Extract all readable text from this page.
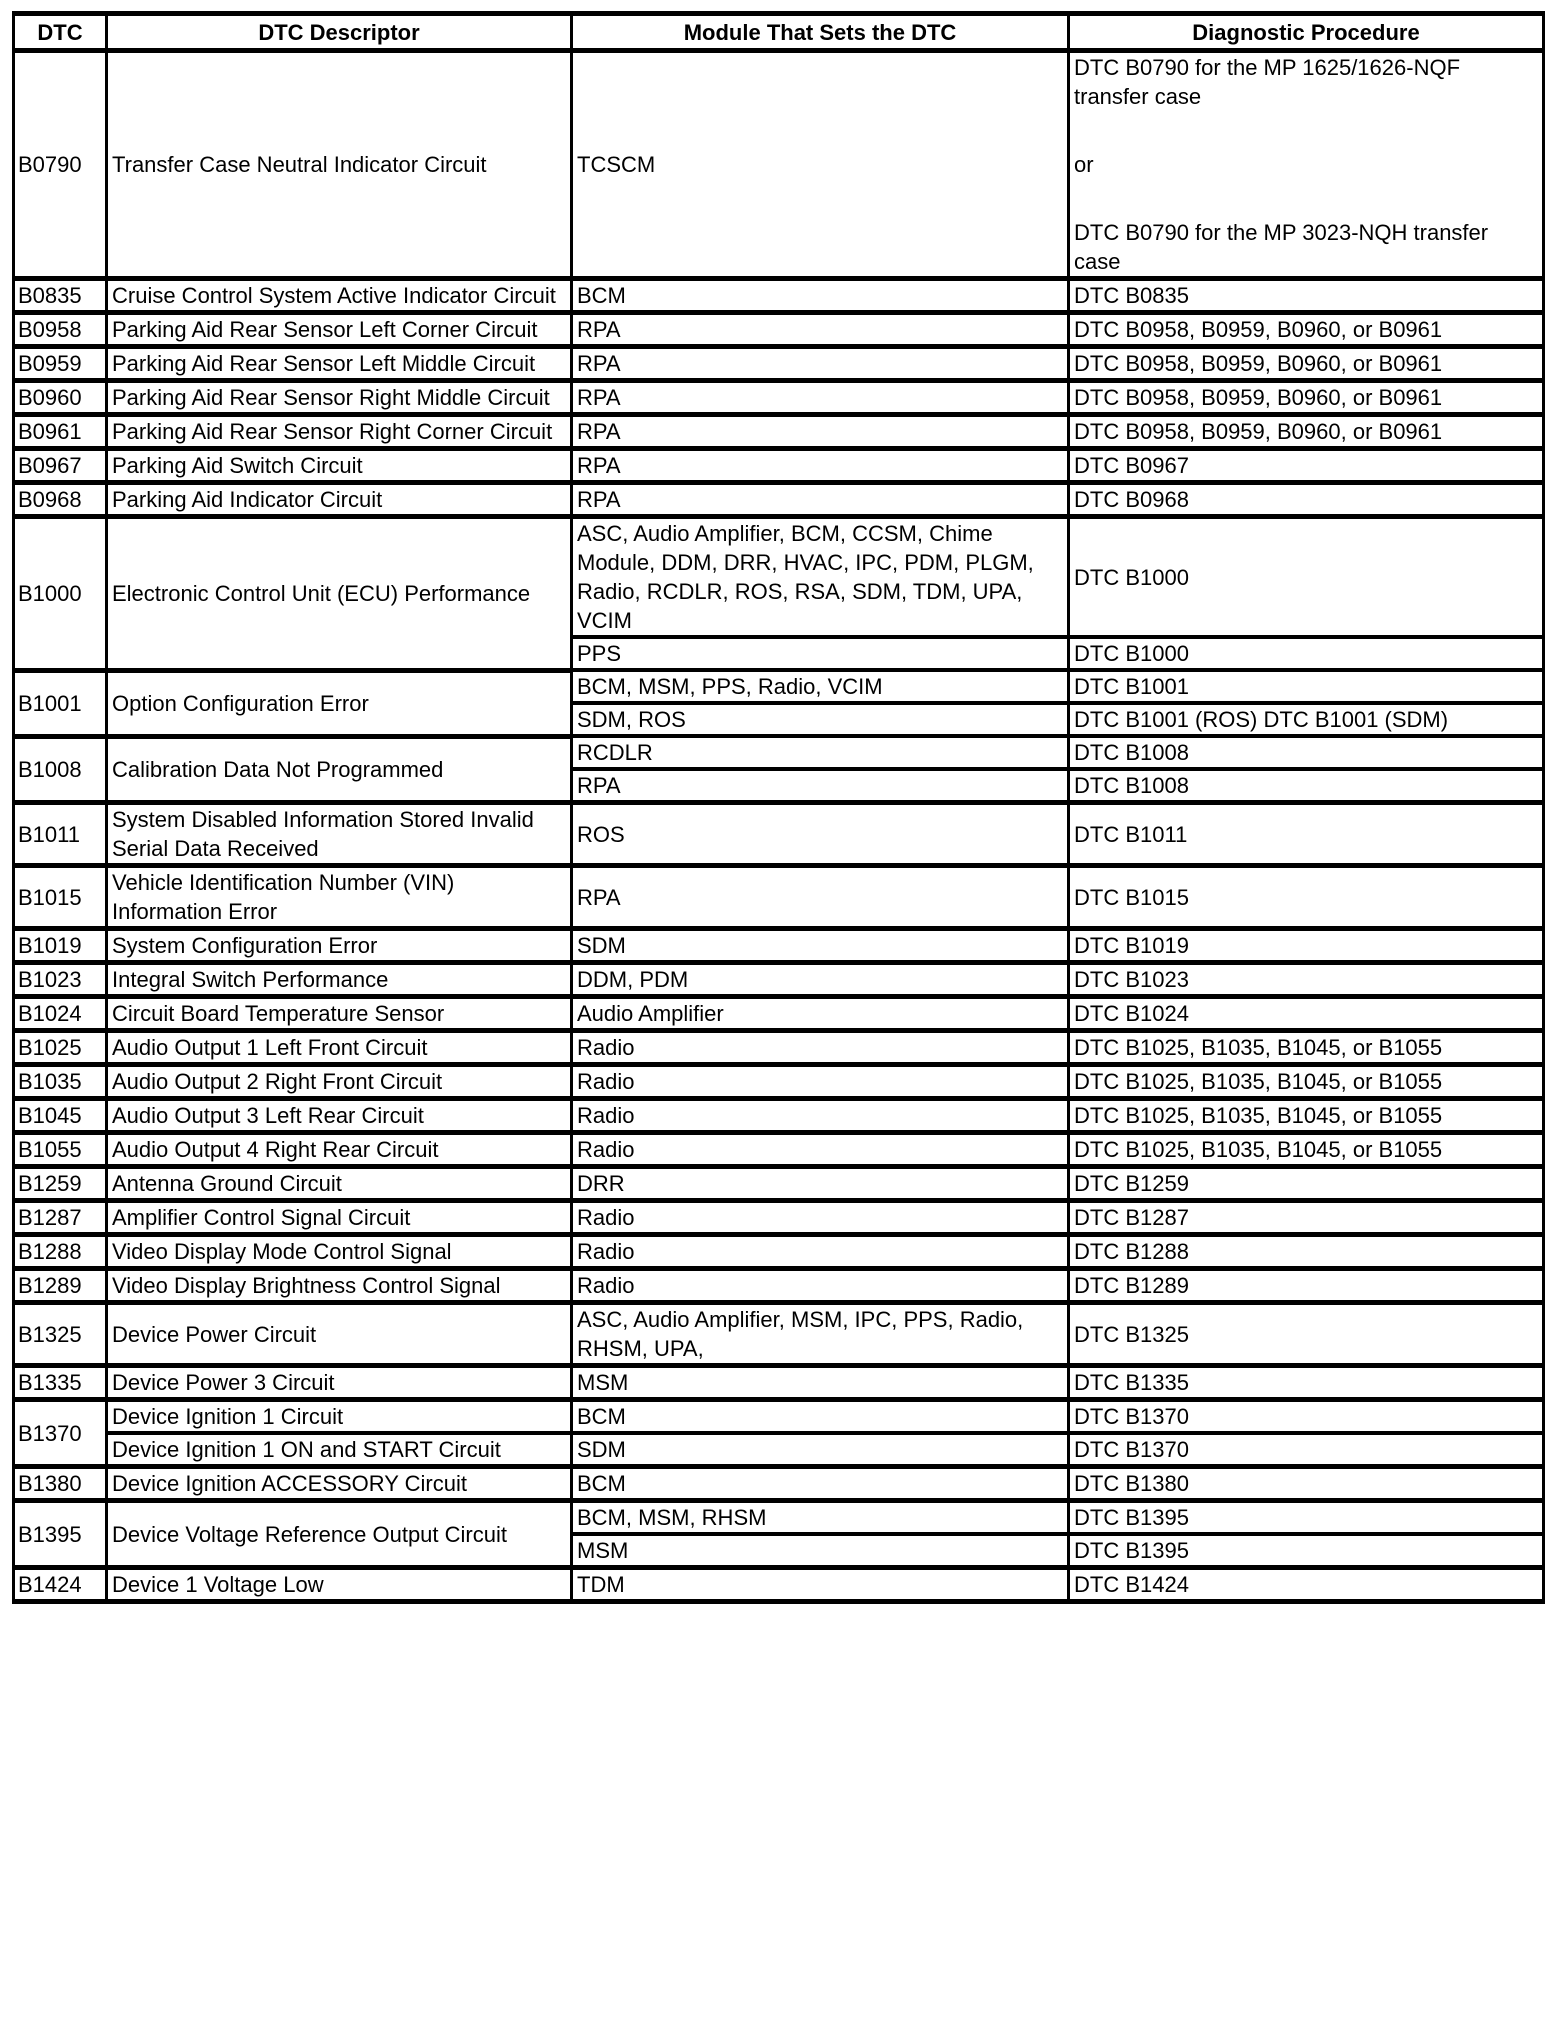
DTC	DTC Descriptor	Module That Sets the DTC	Diagnostic Procedure
B0790	Transfer Case Neutral Indicator Circuit	TCSCM	DTC B0790 for the MP 1625/1626-NQF transfer case
or
DTC B0790 for the MP 3023-NQH transfer case

B0835	Cruise Control System Active Indicator Circuit	BCM	DTC B0835

B0958	Parking Aid Rear Sensor Left Corner Circuit	RPA	DTC B0958, B0959, B0960, or B0961

B0959	Parking Aid Rear Sensor Left Middle Circuit	RPA	DTC B0958, B0959, B0960, or B0961

B0960	Parking Aid Rear Sensor Right Middle Circuit	RPA	DTC B0958, B0959, B0960, or B0961

B0961	Parking Aid Rear Sensor Right Corner Circuit	RPA	DTC B0958, B0959, B0960, or B0961

B0967	Parking Aid Switch Circuit	RPA	DTC B0967

B0968	Parking Aid Indicator Circuit	RPA	DTC B0968

B1000	Electronic Control Unit (ECU) Performance	ASC, Audio Amplifier, BCM, CCSM, Chime Module, DDM, DRR, HVAC, IPC, PDM, PLGM, Radio, RCDLR, ROS, RSA, SDM, TDM, UPA, VCIM	DTC B1000

		PPS	DTC B1000

B1001	Option Configuration Error	BCM, MSM, PPS, Radio, VCIM	DTC B1001

		SDM, ROS	DTC B1001 (ROS) DTC B1001 (SDM)

B1008	Calibration Data Not Programmed	RCDLR	DTC B1008

		RPA	DTC B1008

B1011	System Disabled Information Stored Invalid Serial Data Received	ROS	DTC B1011

B1015	Vehicle Identification Number (VIN) Information Error	RPA	DTC B1015

B1019	System Configuration Error	SDM	DTC B1019

B1023	Integral Switch Performance	DDM, PDM	DTC B1023

B1024	Circuit Board Temperature Sensor	Audio Amplifier	DTC B1024

B1025	Audio Output 1 Left Front Circuit	Radio	DTC B1025, B1035, B1045, or B1055

B1035	Audio Output 2 Right Front Circuit	Radio	DTC B1025, B1035, B1045, or B1055

B1045	Audio Output 3 Left Rear Circuit	Radio	DTC B1025, B1035, B1045, or B1055

B1055	Audio Output 4 Right Rear Circuit	Radio	DTC B1025, B1035, B1045, or B1055

B1259	Antenna Ground Circuit	DRR	DTC B1259

B1287	Amplifier Control Signal Circuit	Radio	DTC B1287

B1288	Video Display Mode Control Signal	Radio	DTC B1288

B1289	Video Display Brightness Control Signal	Radio	DTC B1289

B1325	Device Power Circuit	ASC, Audio Amplifier, MSM, IPC, PPS, Radio, RHSM, UPA,	DTC B1325

B1335	Device Power 3 Circuit	MSM	DTC B1335

B1370	Device Ignition 1 Circuit	BCM	DTC B1370

	Device Ignition 1 ON and START Circuit	SDM	DTC B1370

B1380	Device Ignition ACCESSORY Circuit	BCM	DTC B1380

B1395	Device Voltage Reference Output Circuit	BCM, MSM, RHSM	DTC B1395

		MSM	DTC B1395

B1424	Device 1 Voltage Low	TDM	DTC B1424
